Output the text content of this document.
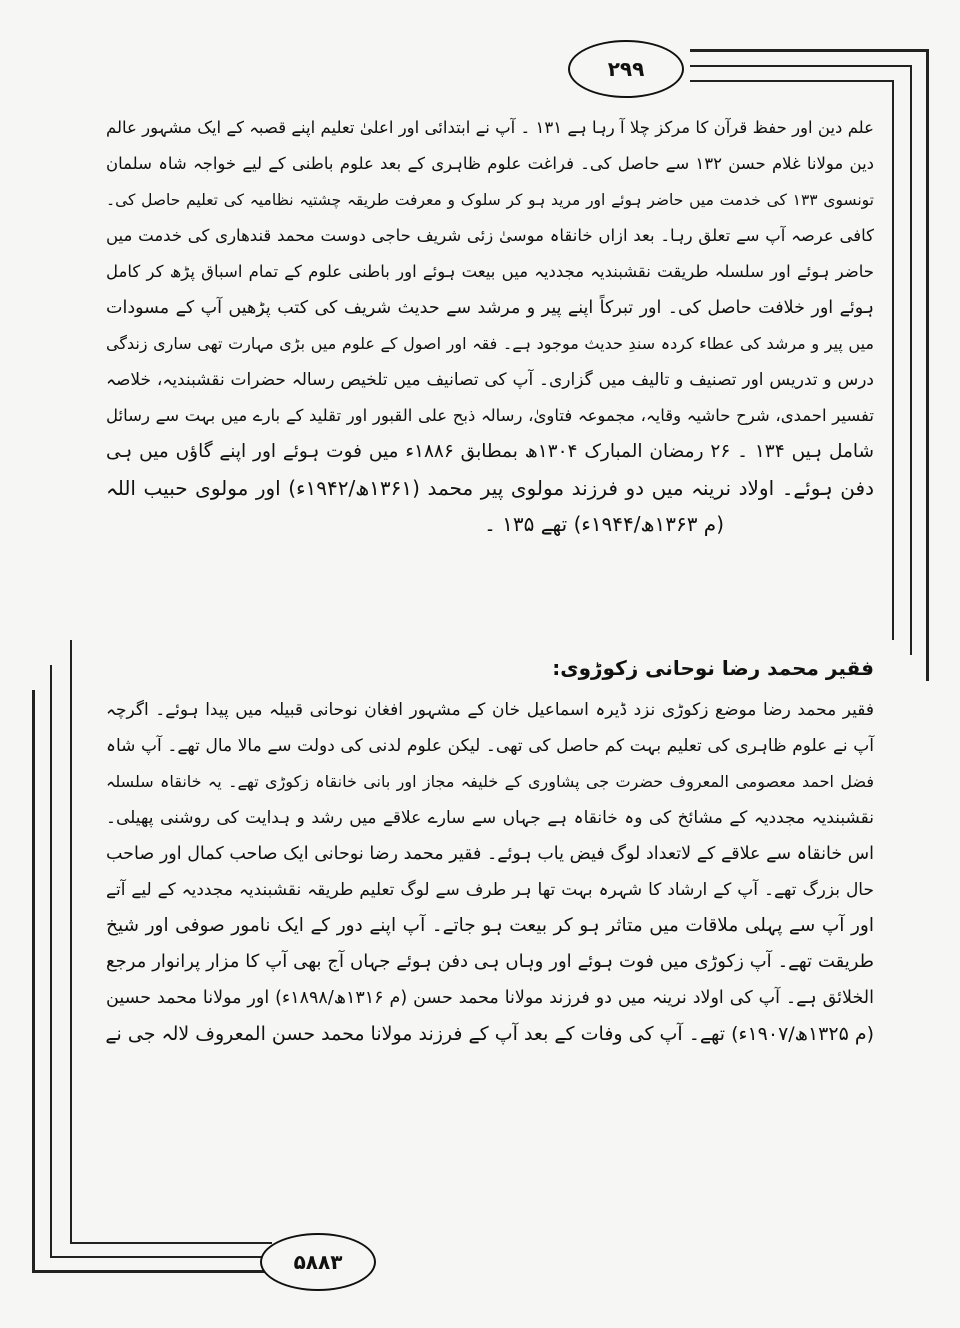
۲۹۹
۵۸۸۳
علم دین اور حفظ قرآن کا مرکز چلا آ رہا ہے ۱۳۱ ۔ آپ نے ابتدائی اور اعلیٰ تعلیم اپنے قصبہ کے ایک مشہور عالم
دین مولانا غلام حسن ۱۳۲ سے حاصل کی۔ فراغت علوم ظاہری کے بعد علوم باطنی کے لیے خواجہ شاہ سلمان
تونسوی ۱۳۳ کی خدمت میں حاضر ہوئے اور مرید ہو کر سلوک و معرفت طریقہ چشتیہ نظامیہ کی تعلیم حاصل کی۔
کافی عرصہ آپ سے تعلق رہا۔ بعد ازاں خانقاہ موسیٰ زئی شریف حاجی دوست محمد قندھاری کی خدمت میں
حاضر ہوئے اور سلسلہ طریقت نقشبندیہ مجددیہ میں بیعت ہوئے اور باطنی علوم کے تمام اسباق پڑھ کر کامل
ہوئے اور خلافت حاصل کی۔ اور تبرکاً اپنے پیر و مرشد سے حدیث شریف کی کتب پڑھیں آپ کے مسودات
میں پیر و مرشد کی عطاء کردہ سندِ حدیث موجود ہے۔ فقہ اور اصول کے علوم میں بڑی مہارت تھی ساری زندگی
درس و تدریس اور تصنیف و تالیف میں گزاری۔ آپ کی تصانیف میں تلخیص رسالہ حضرات نقشبندیہ، خلاصہ
تفسیر احمدی، شرح حاشیہ وقایہ، مجموعہ فتاویٰ، رسالہ ذبح علی القبور اور تقلید کے بارے میں بہت سے رسائل
شامل ہیں ۱۳۴ ۔ ۲۶ رمضان المبارک ۱۳۰۴ھ بمطابق ۱۸۸۶ء میں فوت ہوئے اور اپنے گاؤں میں ہی
دفن ہوئے۔ اولاد نرینہ میں دو فرزند مولوی پیر محمد (۱۳۶۱ھ/۱۹۴۲ء) اور مولوی حبیب اللہ
(م ۱۳۶۳ھ/۱۹۴۴ء) تھے ۱۳۵ ۔
فقیر محمد رضا نوحانی زکوڑوی:
فقیر محمد رضا موضع زکوڑی نزد ڈیرہ اسماعیل خان کے مشہور افغان نوحانی قبیلہ میں پیدا ہوئے۔ اگرچہ
آپ نے علوم ظاہری کی تعلیم بہت کم حاصل کی تھی۔ لیکن علوم لدنی کی دولت سے مالا مال تھے۔ آپ شاہ
فضل احمد معصومی المعروف حضرت جی پشاوری کے خلیفہ مجاز اور بانی خانقاہ زکوڑی تھے۔ یہ خانقاہ سلسلہ
نقشبندیہ مجددیہ کے مشائخ کی وہ خانقاہ ہے جہاں سے سارے علاقے میں رشد و ہدایت کی روشنی پھیلی۔
اس خانقاہ سے علاقے کے لاتعداد لوگ فیض یاب ہوئے۔ فقیر محمد رضا نوحانی ایک صاحب کمال اور صاحب
حال بزرگ تھے۔ آپ کے ارشاد کا شہرہ بہت تھا ہر طرف سے لوگ تعلیم طریقہ نقشبندیہ مجددیہ کے لیے آتے
اور آپ سے پہلی ملاقات میں متاثر ہو کر بیعت ہو جاتے۔ آپ اپنے دور کے ایک نامور صوفی اور شیخ
طریقت تھے۔ آپ زکوڑی میں فوت ہوئے اور وہاں ہی دفن ہوئے جہاں آج بھی آپ کا مزار پرانوار مرجع
الخلائق ہے۔ آپ کی اولاد نرینہ میں دو فرزند مولانا محمد حسن (م ۱۳۱۶ھ/۱۸۹۸ء) اور مولانا محمد حسین
(م ۱۳۲۵ھ/۱۹۰۷ء) تھے۔ آپ کی وفات کے بعد آپ کے فرزند مولانا محمد حسن المعروف لالہ جی نے
